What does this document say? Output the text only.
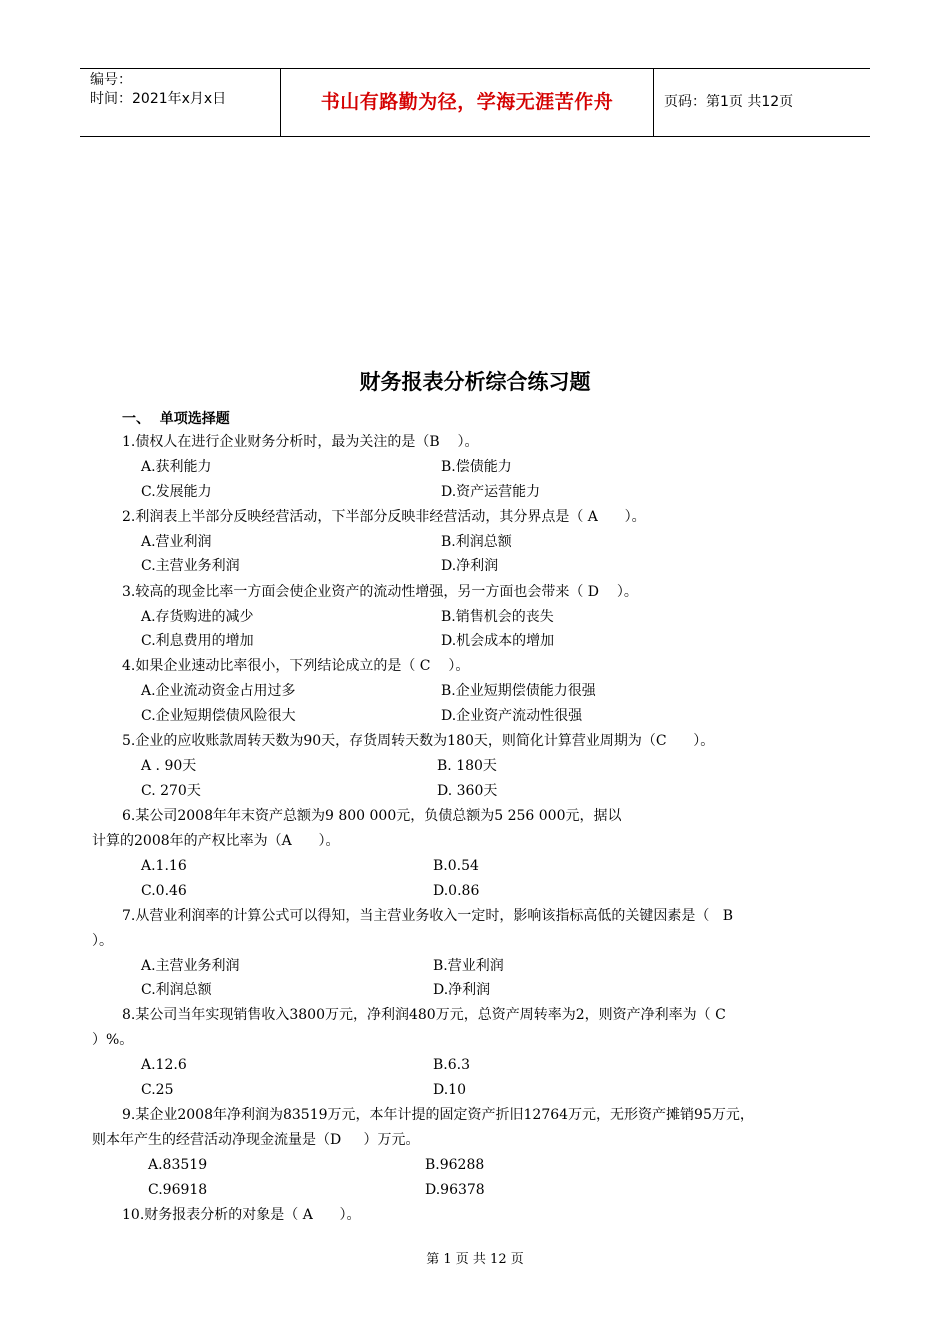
编号：
时间：2021年x月x日	书山有路勤为径，学海无涯苦作舟	页码：第1页 共12页
财务报表分析综合练习题
一、  单项选择题
1.债权人在进行企业财务分析时，最为关注的是（B    ）。
A.获利能力	B.偿债能力
C.发展能力	D.资产运营能力
2.利润表上半部分反映经营活动，下半部分反映非经营活动，其分界点是（ A      ）。
A.营业利润	B.利润总额
C.主营业务利润	D.净利润
3.较高的现金比率一方面会使企业资产的流动性增强，另一方面也会带来（ D    ）。
A.存货购进的减少	B.销售机会的丧失
C.利息费用的增加	D.机会成本的增加
4.如果企业速动比率很小，下列结论成立的是（ C    ）。
A.企业流动资金占用过多	B.企业短期偿债能力很强
C.企业短期偿债风险很大	D.企业资产流动性很强
5.企业的应收账款周转天数为90天，存货周转天数为180天，则简化计算营业周期为（C      ）。
A . 90天	B. 180天
C. 270天	D. 360天
6.某公司2008年年末资产总额为9 800 000元，负债总额为5 256 000元，据以
计算的2008年的产权比率为（A      ）。
A.1.16	B.0.54
C.0.46	D.0.86
7.从营业利润率的计算公式可以得知，当主营业务收入一定时，影响该指标高低的关键因素是（   B
）。
A.主营业务利润	B.营业利润
C.利润总额	D.净利润
8.某公司当年实现销售收入3800万元，净利润480万元，总资产周转率为2，则资产净利率为（ C
）%。
A.12.6	B.6.3
C.25	D.10
9.某企业2008年净利润为83519万元，本年计提的固定资产折旧12764万元，无形资产摊销95万元，
则本年产生的经营活动净现金流量是（D     ）万元。
A.83519	B.96288
C.96918	D.96378
10.财务报表分析的对象是（ A      ）。
第 1 页 共 12 页
